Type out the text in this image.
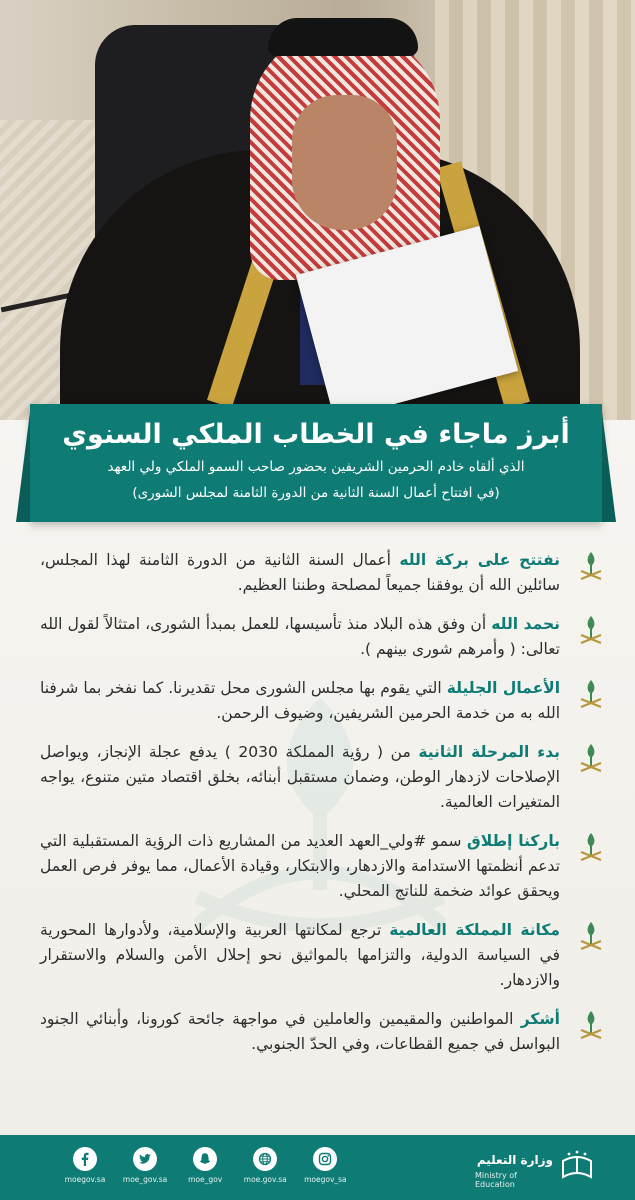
أبرز ماجاء في الخطاب الملكي السنوي
الذي ألقاه خادم الحرمين الشريفين بحضور صاحب السمو الملكي ولي العهد
(في افتتاح أعمال السنة الثانية من الدورة الثامنة لمجلس الشورى)

نفتتح على بركة الله أعمال السنة الثانية من الدورة الثامنة لهذا المجلس، سائلين الله أن يوفقنا جميعاً لمصلحة وطننا العظيم.

نحمد الله أن وفق هذه البلاد منذ تأسيسها، للعمل بمبدأ الشورى، امتثالاً لقول الله تعالى: ( وأمرهم شورى بينهم ).

الأعمال الجليلة التي يقوم بها مجلس الشورى محل تقديرنا. كما نفخر بما شرفنا الله به من خدمة الحرمين الشريفين، وضيوف الرحمن.

بدء المرحلة الثانية من ( رؤية المملكة 2030 ) يدفع عجلة الإنجاز، ويواصل الإصلاحات لازدهار الوطن، وضمان مستقبل أبنائه، بخلق اقتصاد متين متنوع، يواجه المتغيرات العالمية.

باركنا إطلاق سمو #ولي_العهد العديد من المشاريع ذات الرؤية المستقبلية التي تدعم أنظمتها الاستدامة والازدهار، والابتكار، وقيادة الأعمال، مما يوفر فرص العمل ويحقق عوائد ضخمة للناتج المحلي.

مكانة المملكة العالمية ترجع لمكانتها العربية والإسلامية، ولأدوارها المحورية في السياسة الدولية، والتزامها بالمواثيق نحو إحلال الأمن والسلام والاستقرار والازدهار.

أشكر المواطنين والمقيمين والعاملين في مواجهة جائحة كورونا، وأبنائي الجنود البواسل في جميع القطاعات، وفي الحدّ الجنوبي.

moegov.sa
	moe_gov.sa
	moe_gov
	moe.gov.sa
moegov_sa
وزارة التعليم
Ministry of Education
